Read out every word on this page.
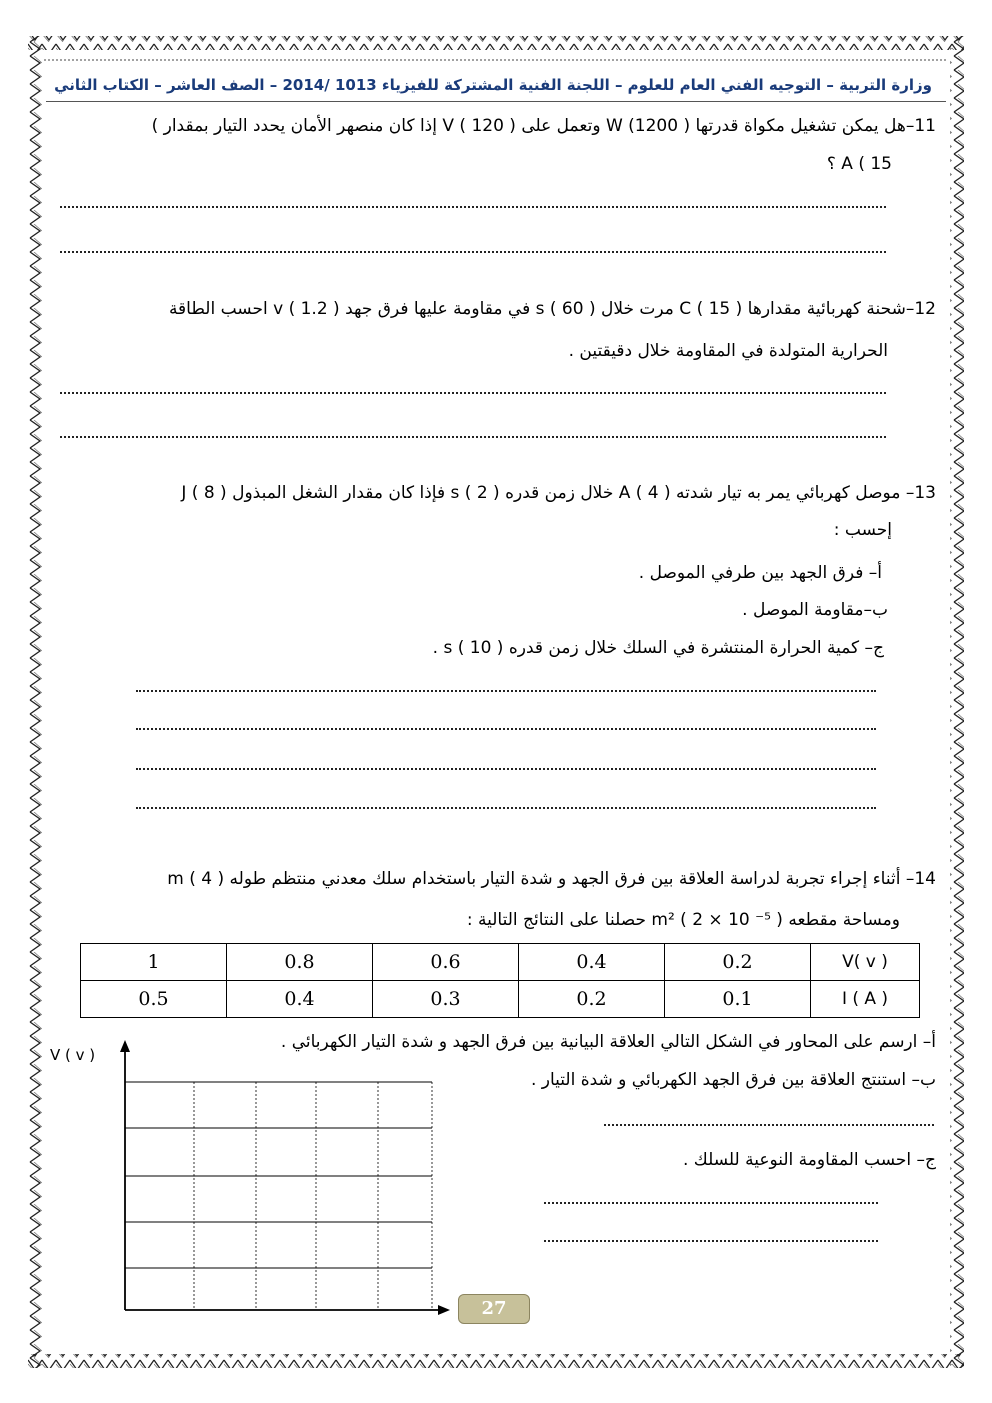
وزارة التربية – التوجيه الفني العام للعلوم – اللجنة الفنية المشتركة للفيزياء 1013 /2014 – الصف العاشر – الكتاب الثاني
11–هل يمكن تشغيل مكواة قدرتها W (1200 ) وتعمل على V ( 120 ) إذا كان منصهر الأمان يحدد التيار بمقدار )
A ( 15 ؟
12–شحنة كهربائية مقدارها C ( 15 ) مرت خلال s ( 60 ) في مقاومة عليها فرق جهد v ( 1.2 ) احسب الطاقة
الحرارية المتولدة في المقاومة خلال دقيقتين .
13– موصل كهربائي يمر به تيار شدته A ( 4 ) خلال زمن قدره s ( 2 ) فإذا كان مقدار الشغل المبذول J ( 8 )
إحسب :
أ– فرق الجهد بين طرفي الموصل .
ب–مقاومة الموصل .
ج– كمية الحرارة المنتشرة في السلك خلال زمن قدره s ( 10 ) .
14– أثناء إجراء تجربة لدراسة العلاقة بين فرق الجهد و شدة التيار باستخدام سلك معدني منتظم طوله m ( 4 )
ومساحة مقطعه m² ( 2 × 10 ⁻⁵ ) حصلنا على النتائج التالية :
V( v )	0.2	0.4	0.6	0.8	1
I ( A )	0.1	0.2	0.3	0.4	0.5
أ– ارسم على المحاور في الشكل التالي العلاقة البيانية بين فرق الجهد و شدة التيار الكهربائي .
ب– استنتج العلاقة بين فرق الجهد الكهربائي و شدة التيار .
ج– احسب المقاومة النوعية للسلك .
V ( v )
27
